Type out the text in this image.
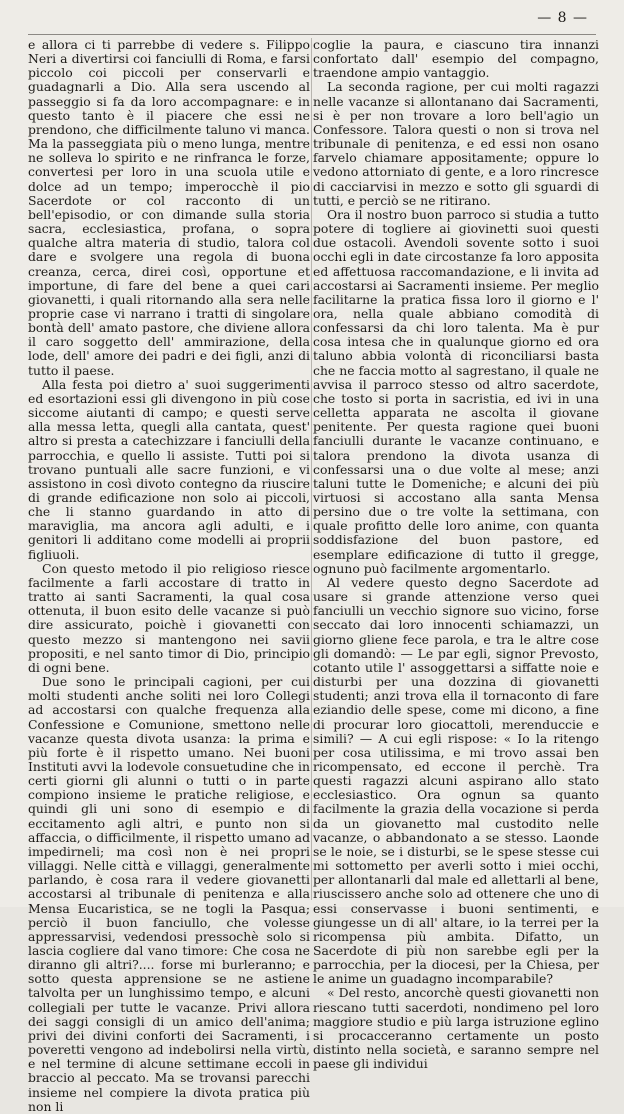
— 8 —

e allora ci ti parrebbe di vedere s. Filippo Neri a divertirsi coi fanciulli di Roma, e farsi piccolo coi piccoli per conservarli e guadagnarli a Dio. Alla sera uscendo al passeggio si fa da loro accompagnare: e in questo tanto è il piacere che essi ne prendono, che difficilmente taluno vi manca. Ma la passeggiata più o meno lunga, mentre ne solleva lo spirito e ne rinfranca le forze, convertesi per loro in una scuola utile e dolce ad un tempo; imperocchè il pio Sacerdote or col racconto di un bell'episodio, or con dimande sulla storia sacra, ecclesiastica, profana, o sopra qualche altra materia di studio, talora col dare e svolgere una regola di buona creanza, cerca, direi così, opportune et importune, di fare del bene a quei cari giovanetti, i quali ritornando alla sera nelle proprie case vi narrano i tratti di singolare bontà dell' amato pastore, che diviene allora il caro soggetto dell' ammirazione, della lode, dell' amore dei padri e dei figli, anzi di tutto il paese.

Alla festa poi dietro a' suoi suggerimenti ed esortazioni essi gli divengono in più cose siccome aiutanti di campo; e questi serve alla messa letta, quegli alla cantata, quest' altro si presta a catechizzare i fanciulli della parrocchia, e quello li assiste. Tutti poi si trovano puntuali alle sacre funzioni, e vi assistono in così divoto contegno da riuscire di grande edificazione non solo ai piccoli, che li stanno guardando in atto di maraviglia, ma ancora agli adulti, e i genitori li additano come modelli ai proprii figliuoli.

Con questo metodo il pio religioso riesce facilmente a farli accostare di tratto in tratto ai santi Sacramenti, la qual cosa ottenuta, il buon esito delle vacanze si può dire assicurato, poichè i giovanetti con questo mezzo si mantengono nei savii propositi, e nel santo timor di Dio, principio di ogni bene.

Due sono le principali cagioni, per cui molti studenti anche soliti nei loro Collegi ad accostarsi con qualche frequenza alla Confessione e Comunione, smettono nelle vacanze questa divota usanza: la prima e più forte è il rispetto umano. Nei buoni Instituti avvi la lodevole consuetudine che in certi giorni gli alunni o tutti o in parte compiono insieme le pratiche religiose, e quindi gli uni sono di esempio e di eccitamento agli altri, e punto non si affaccia, o difficilmente, il rispetto umano ad impedirneli; ma così non è nei propri villaggi. Nelle città e villaggi, generalmente parlando, è cosa rara il vedere giovanetti accostarsi al tribunale di penitenza e alla Mensa Eucaristica, se ne togli la Pasqua; perciò il buon fanciullo, che volesse appressarvisi, vedendosi pressochè solo si lascia cogliere dal vano timore: Che cosa ne diranno gli altri?.... forse mi burleranno; e sotto questa apprensione se ne astiene talvolta per un lunghissimo tempo, e alcuni collegiali per tutte le vacanze. Privi allora dei saggi consigli di un amico dell'anima; privi dei divini conforti dei Sacramenti, i poveretti vengono ad indebolirsi nella virtù, e nel termine di alcune settimane eccoli in braccio al peccato. Ma se trovansi parecchi insieme nel compiere la divota pratica più non li

coglie la paura, e ciascuno tira innanzi confortato dall' esempio del compagno, traendone ampio vantaggio.

La seconda ragione, per cui molti ragazzi nelle vacanze si allontanano dai Sacramenti, si è per non trovare a loro bell'agio un Confessore. Talora questi o non si trova nel tribunale di penitenza, e ed essi non osano farvelo chiamare appositamente; oppure lo vedono attorniato di gente, e a loro rincresce di cacciarvisi in mezzo e sotto gli sguardi di tutti, e perciò se ne ritirano.

Ora il nostro buon parroco si studia a tutto potere di togliere ai giovinetti suoi questi due ostacoli. Avendoli sovente sotto i suoi occhi egli in date circostanze fa loro apposita ed affettuosa raccomandazione, e li invita ad accostarsi ai Sacramenti insieme. Per meglio facilitarne la pratica fissa loro il giorno e l' ora, nella quale abbiano comodità di confessarsi da chi loro talenta. Ma è pur cosa intesa che in qualunque giorno ed ora taluno abbia volontà di riconciliarsi basta che ne faccia motto al sagrestano, il quale ne avvisa il parroco stesso od altro sacerdote, che tosto si porta in sacristia, ed ivi in una celletta apparata ne ascolta il giovane penitente. Per questa ragione quei buoni fanciulli durante le vacanze continuano, e talora prendono la divota usanza di confessarsi una o due volte al mese; anzi taluni tutte le Domeniche; e alcuni dei più virtuosi si accostano alla santa Mensa persino due o tre volte la settimana, con quale profitto delle loro anime, con quanta soddisfazione del buon pastore, ed esemplare edificazione di tutto il gregge, ognuno può facilmente argomentarlo.

Al vedere questo degno Sacerdote ad usare si grande attenzione verso quei fanciulli un vecchio signore suo vicino, forse seccato dai loro innocenti schiamazzi, un giorno gliene fece parola, e tra le altre cose gli domandò: — Le par egli, signor Prevosto, cotanto utile l' assoggettarsi a siffatte noie e disturbi per una dozzina di giovanetti studenti; anzi trova ella il tornaconto di fare eziandio delle spese, come mi dicono, a fine di procurar loro giocattoli, merenduccie e simili? — A cui egli rispose: « Io la ritengo per cosa utilissima, e mi trovo assai ben ricompensato, ed eccone il perchè. Tra questi ragazzi alcuni aspirano allo stato ecclesiastico. Ora ognun sa quanto facilmente la grazia della vocazione si perda da un giovanetto mal custodito nelle vacanze, o abbandonato a se stesso. Laonde se le noie, se i disturbi, se le spese stesse cui mi sottometto per averli sotto i miei occhi, per allontanarli dal male ed allettarli al bene, riuscissero anche solo ad ottenere che uno di essi conservasse i buoni sentimenti, e giungesse un di all' altare, io la terrei per la ricompensa più ambita. Difatto, un Sacerdote di più non sarebbe egli per la parrocchia, per la diocesi, per la Chiesa, per le anime un guadagno incomparabile?

« Del resto, ancorchè questi giovanetti non riescano tutti sacerdoti, nondimeno pel loro maggiore studio e più larga istruzione eglino si procacceranno certamente un posto distinto nella società, e saranno sempre nel paese gli individui
